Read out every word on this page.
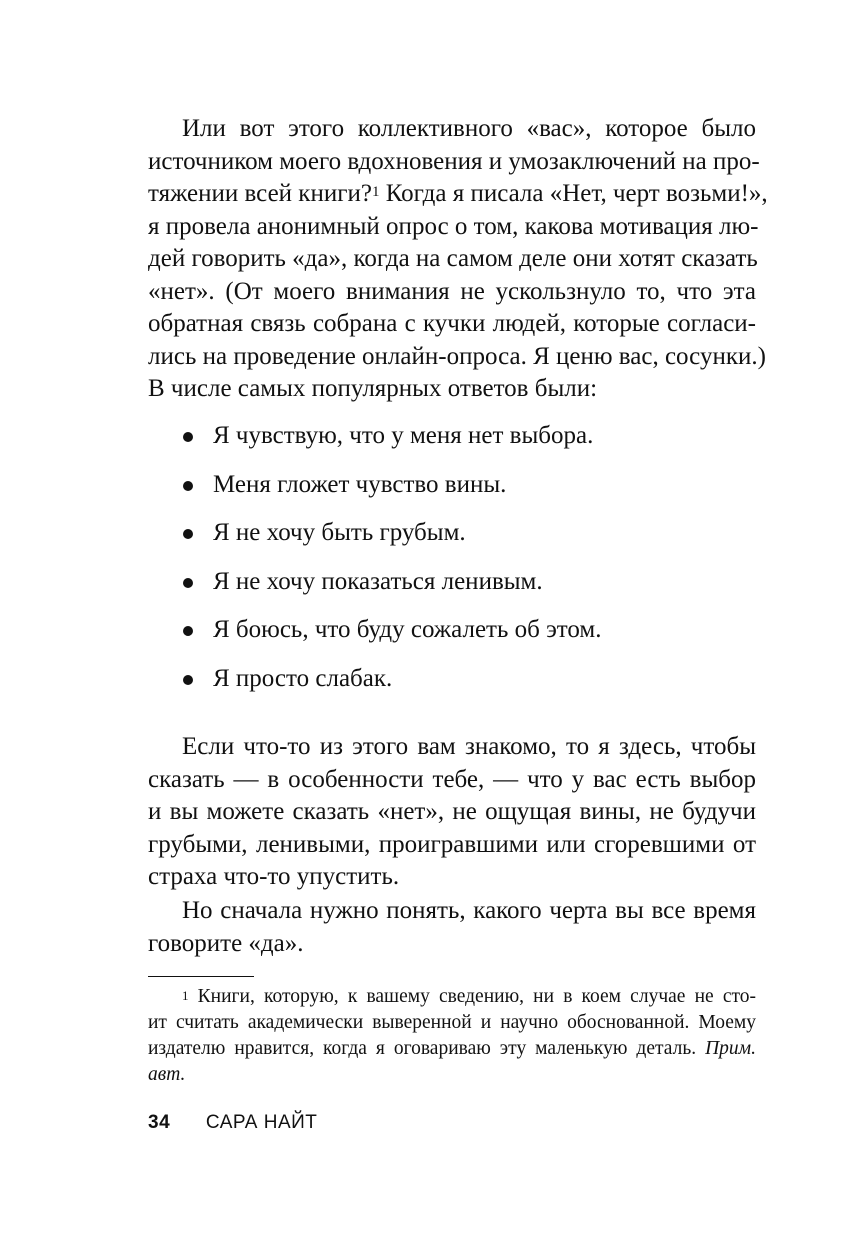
Или вот этого коллективного «вас», которое было
источником моего вдохновения и умозаключений на про-
тяжении всей книги?$^1$ Когда я писала «Нет, черт возьми!»,
я провела анонимный опрос о том, какова мотивация лю-
дей говорить «да», когда на самом деле они хотят сказать
«нет». (От моего внимания не ускользнуло то, что эта
обратная связь собрана с кучки людей, которые согласи-
лись на проведение онлайн-опроса. Я ценю вас, сосунки.)
В числе самых популярных ответов были:
Я чувствую, что у меня нет выбора.
Меня гложет чувство вины.
Я не хочу быть грубым.
Я не хочу показаться ленивым.
Я боюсь, что буду сожалеть об этом.
Я просто слабак.
Если что-то из этого вам знакомо, то я здесь, чтобы
сказать — в особенности тебе, — что у вас есть выбор
и вы можете сказать «нет», не ощущая вины, не будучи
грубыми, ленивыми, проигравшими или сгоревшими от
страха что-то упустить.
Но сначала нужно понять, какого черта вы все время
говорите «да».
$^1$ Книги, которую, к вашему сведению, ни в коем случае не сто-
ит считать академически выверенной и научно обоснованной. Моему
издателю нравится, когда я оговариваю эту маленькую деталь. Прим.
авт.
34 САРА НАЙТ
